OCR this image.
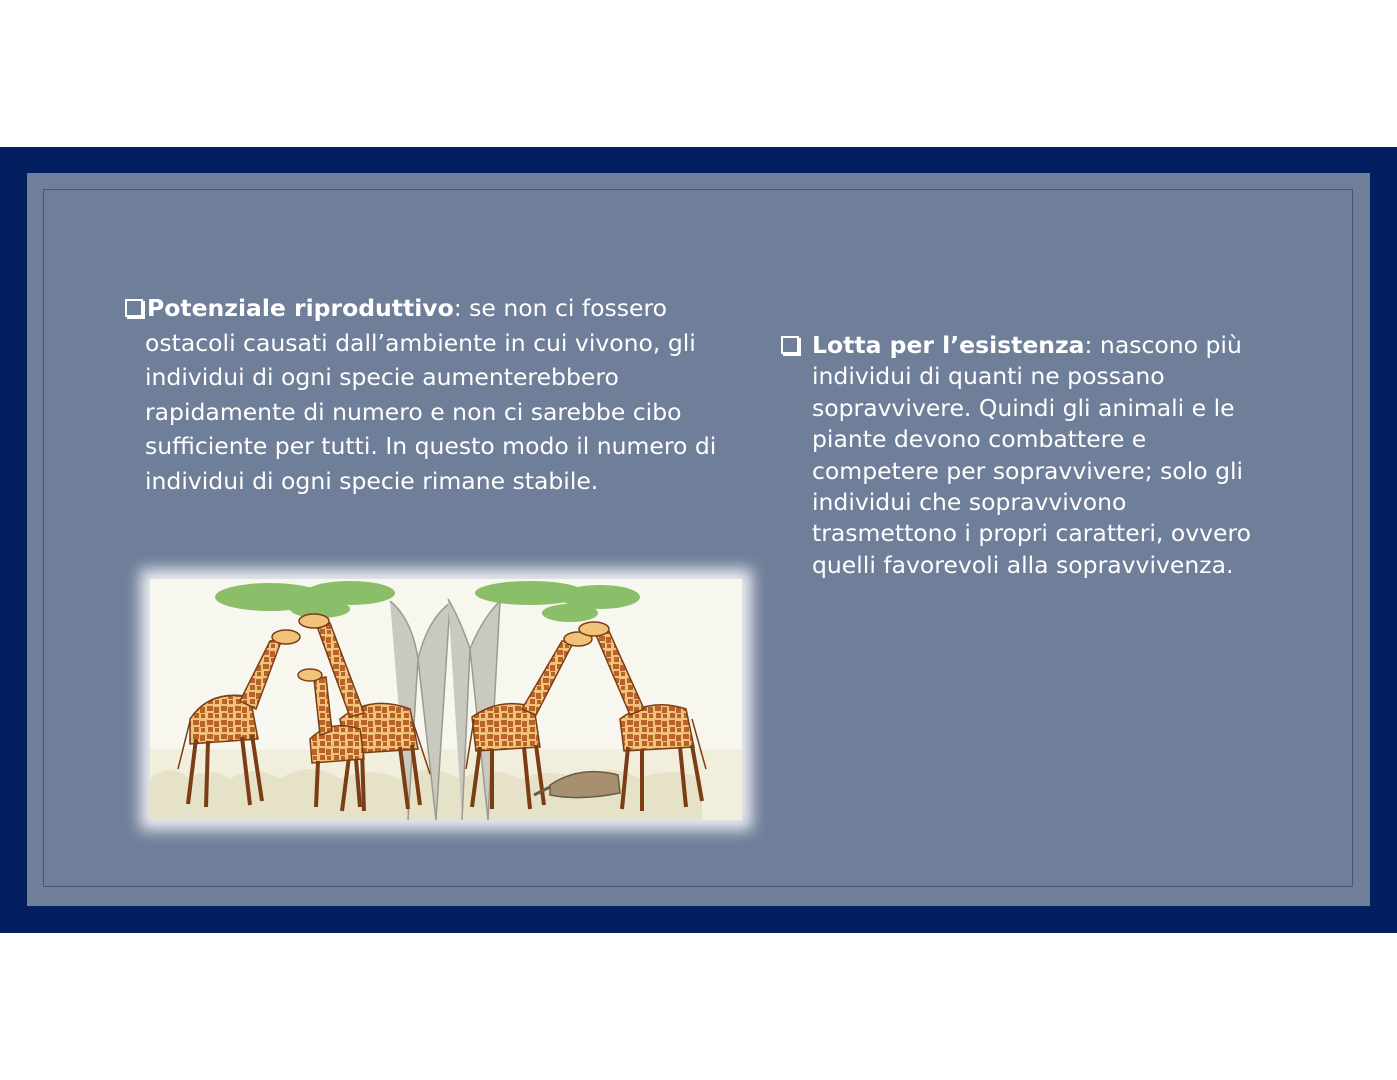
Potenziale riproduttivo: se non ci fossero
ostacoli causati dall’ambiente in cui vivono, gli
individui di ogni specie aumenterebbero
rapidamente di numero e non ci sarebbe cibo
sufficiente per tutti. In questo modo il numero di
individui di ogni specie rimane stabile.
Lotta per l’esistenza: nascono più
individui di quanti ne possano
sopravvivere. Quindi gli animali e le
piante devono combattere e
competere per sopravvivere; solo gli
individui che sopravvivono
trasmettono i propri caratteri, ovvero
quelli favorevoli alla sopravvivenza.
